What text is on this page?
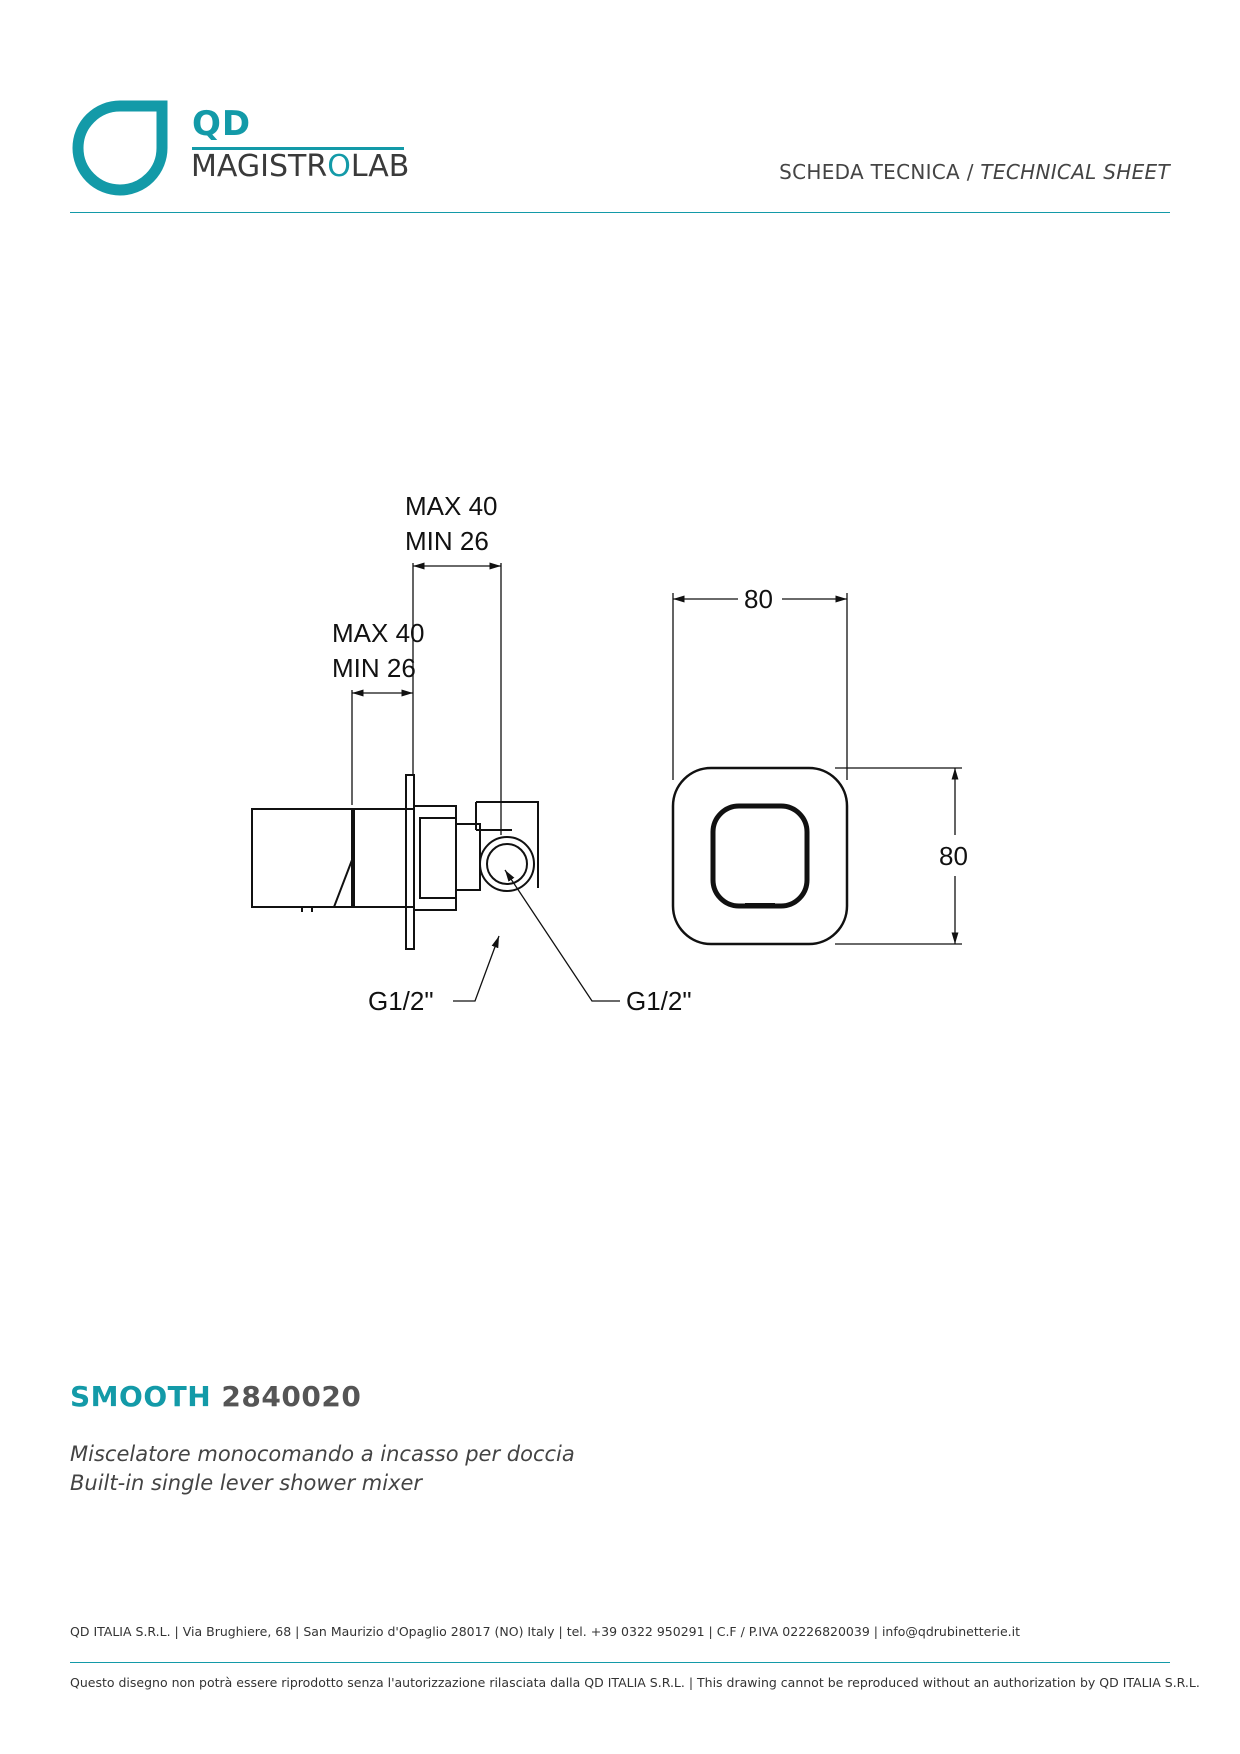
QD
MAGISTROLAB	SCHEDA TECNICA / TECHNICAL SHEET
MAX 40
MIN 26
MAX 40
MIN 26
G1/2"	G1/2"
80
80
SMOOTH 2840020
Miscelatore monocomando a incasso per doccia
Built-in single lever shower mixer
QD ITALIA S.R.L. | Via Brughiere, 68 | San Maurizio d'Opaglio 28017 (NO) Italy | tel. +39 0322 950291 | C.F / P.IVA 02226820039 | info@qdrubinetterie.it
Questo disegno non potrà essere riprodotto senza l'autorizzazione rilasciata dalla QD ITALIA S.R.L. | This drawing cannot be reproduced without an authorization by QD ITALIA S.R.L.
